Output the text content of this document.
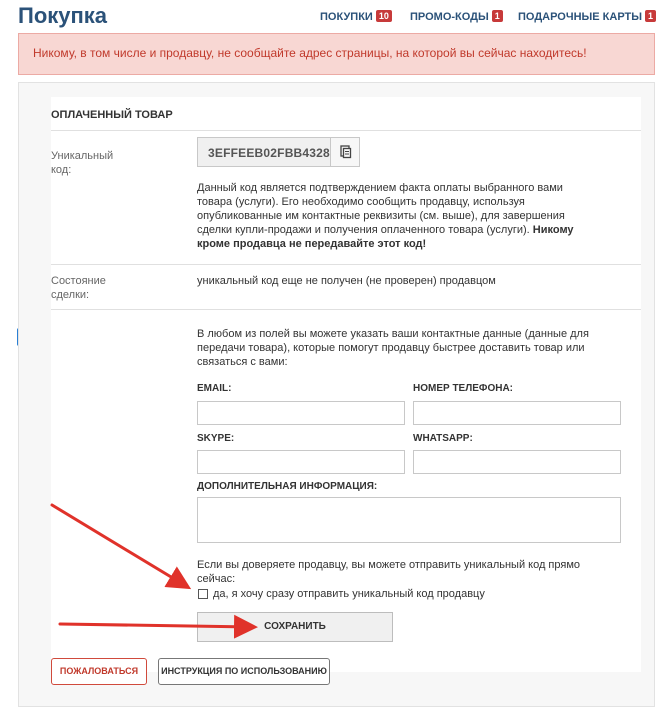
Покупка	ПОКУПКИ 10 ПРОМО-КОДЫ 1 ПОДАРОЧНЫЕ КАРТЫ 1
Никому, в том числе и продавцу, не сообщайте адрес страницы, на которой вы сейчас находитесь!
ОПЛАЧЕННЫЙ ТОВАР
Уникальный
код:
3EFFEEB02FBB4328
Данный код является подтверждением факта оплаты выбранного вами товара (услуги). Его необходимо сообщить продавцу, используя опубликованные им контактные реквизиты (см. выше), для завершения сделки купли-продажи и получения оплаченного товара (услуги). Никому кроме продавца не передавайте этот код!
Состояние
сделки:
уникальный код еще не получен (не проверен) продавцом
В любом из полей вы можете указать ваши контактные данные (данные для передачи товара), которые помогут продавцу быстрее доставить товар или связаться с вами:
EMAIL:	НОМЕР ТЕЛЕФОНА:
SKYPE:	WHATSAPP:
ДОПОЛНИТЕЛЬНАЯ ИНФОРМАЦИЯ:
Если вы доверяете продавцу, вы можете отправить уникальный код прямо сейчас:
да, я хочу сразу отправить уникальный код продавцу
СОХРАНИТЬ
ПОЖАЛОВАТЬСЯ	ИНСТРУКЦИЯ ПО ИСПОЛЬЗОВАНИЮ
